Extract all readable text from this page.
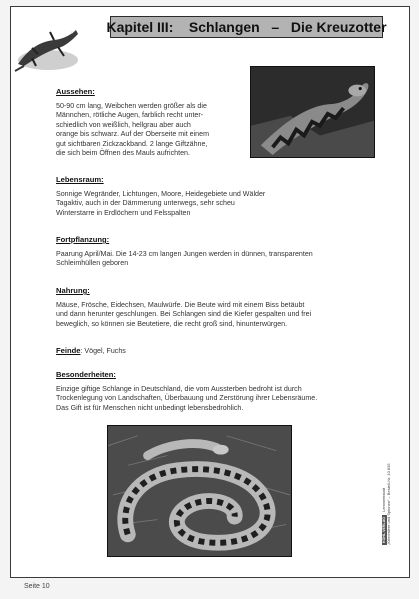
Kapitel III:
Schlangen
–
Die Kreuzotter
Aussehen:
50-90 cm lang, Weibchen werden größer als die
Männchen, rötliche Augen, farblich recht unter-
schiedlich von weißlich, hellgrau aber auch
orange bis schwarz. Auf der Oberseite mit einem
gut sichtbaren Zickzackband. 2 lange Giftzähne,
die sich beim Öffnen des Mauls aufrichten.
Lebensraum:
Sonnige Wegränder, Lichtungen, Moore, Heidegebiete und Wälder
Tagaktiv, auch in der Dämmerung unterwegs, sehr scheu
Winterstarre in Erdlöchern und Felsspalten
Fortpflanzung:
Paarung April/Mai. Die 14-23 cm langen Jungen werden in dünnen, transparenten
Schleimhüllen geboren
Nahrung:
Mäuse, Frösche, Eidechsen, Maulwürfe. Die Beute wird mit einem Biss betäubt
und dann herunter geschlungen. Bei Schlangen sind die Kiefer gespalten und frei
beweglich, so können sie Beutetiere, die recht groß sind, hinunterwürgen.
Feinde: Vögel, Fuchs
Besonderheiten:
Einzige giftige Schlange in Deutschland, die vom Aussterben bedroht ist durch
Trockenlegung von Landschaften, Überbauung und Zerstörung ihrer Lebensräume.
Das Gift ist für Menschen nicht unbedingt lebensbedrohlich.
KOHL VERLAGLernwerkstatt „Kriechtiere und Spinnen“ – Bestell-Nr. 10 835
Seite 10
